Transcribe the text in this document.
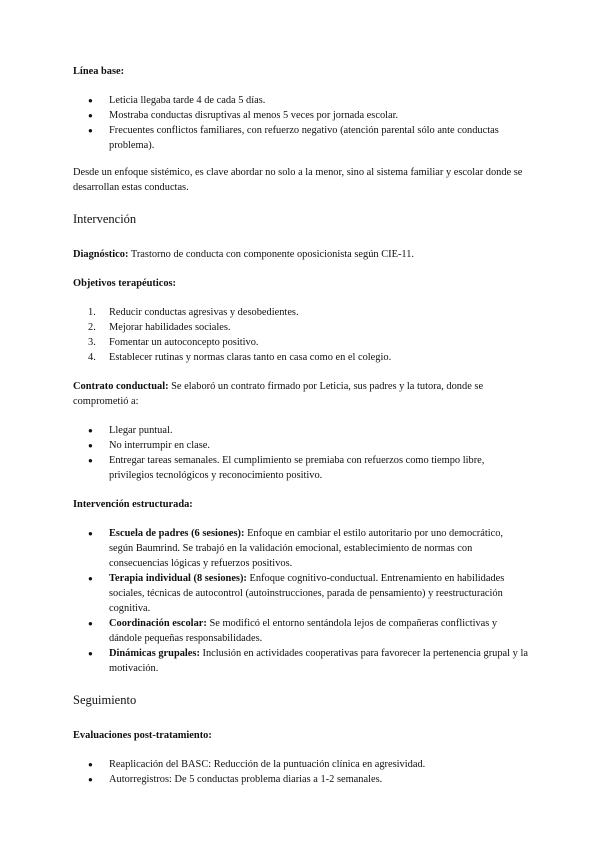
Línea base:

● Leticia llegaba tarde 4 de cada 5 días.
● Mostraba conductas disruptivas al menos 5 veces por jornada escolar.
● Frecuentes conflictos familiares, con refuerzo negativo (atención parental sólo ante conductas problema).

Desde un enfoque sistémico, es clave abordar no solo a la menor, sino al sistema familiar y escolar donde se desarrollan estas conductas.

Intervención

Diagnóstico: Trastorno de conducta con componente oposicionista según CIE-11.

Objetivos terapéuticos:

1. Reducir conductas agresivas y desobedientes.
2. Mejorar habilidades sociales.
3. Fomentar un autoconcepto positivo.
4. Establecer rutinas y normas claras tanto en casa como en el colegio.

Contrato conductual: Se elaboró un contrato firmado por Leticia, sus padres y la tutora, donde se comprometió a:

● Llegar puntual.
● No interrumpir en clase.
● Entregar tareas semanales. El cumplimiento se premiaba con refuerzos como tiempo libre, privilegios tecnológicos y reconocimiento positivo.

Intervención estructurada:

● Escuela de padres (6 sesiones): Enfoque en cambiar el estilo autoritario por uno democrático, según Baumrind. Se trabajó en la validación emocional, establecimiento de normas con consecuencias lógicas y refuerzos positivos.
● Terapia individual (8 sesiones): Enfoque cognitivo-conductual. Entrenamiento en habilidades sociales, técnicas de autocontrol (autoinstrucciones, parada de pensamiento) y reestructuración cognitiva.
● Coordinación escolar: Se modificó el entorno sentándola lejos de compañeras conflictivas y dándole pequeñas responsabilidades.
● Dinámicas grupales: Inclusión en actividades cooperativas para favorecer la pertenencia grupal y la motivación.
Seguimiento

Evaluaciones post-tratamiento:

● Reaplicación del BASC: Reducción de la puntuación clínica en agresividad.
● Autorregistros: De 5 conductas problema diarias a 1-2 semanales.
